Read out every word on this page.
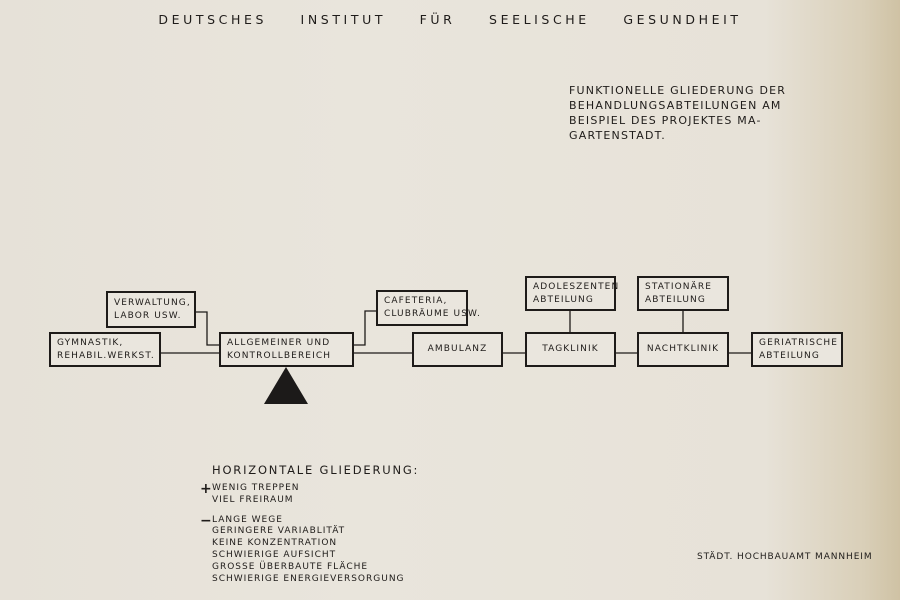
DEUTSCHES INSTITUT FÜR SEELISCHE GESUNDHEIT
FUNKTIONELLE GLIEDERUNG DER
BEHANDLUNGSABTEILUNGEN AM
BEISPIEL DES PROJEKTES MA-
GARTENSTADT.
VERWALTUNG,
LABOR USW.
GYMNASTIK,
REHABIL.WERKST.
ALLGEMEINER UND
KONTROLLBEREICH
CAFETERIA,
CLUBRÄUME USW.
AMBULANZ
ADOLESZENTEN
ABTEILUNG
TAGKLINIK
STATIONÄRE
ABTEILUNG
NACHTKLINIK
GERIATRISCHE
ABTEILUNG
HORIZONTALE GLIEDERUNG:
+ WENIG TREPPEN
VIEL FREIRAUM
− LANGE WEGE
GERINGERE VARIABLITÄT
KEINE KONZENTRATION
SCHWIERIGE AUFSICHT
GROSSE ÜBERBAUTE FLÄCHE
SCHWIERIGE ENERGIEVERSORGUNG
STÄDT. HOCHBAUAMT MANNHEIM
